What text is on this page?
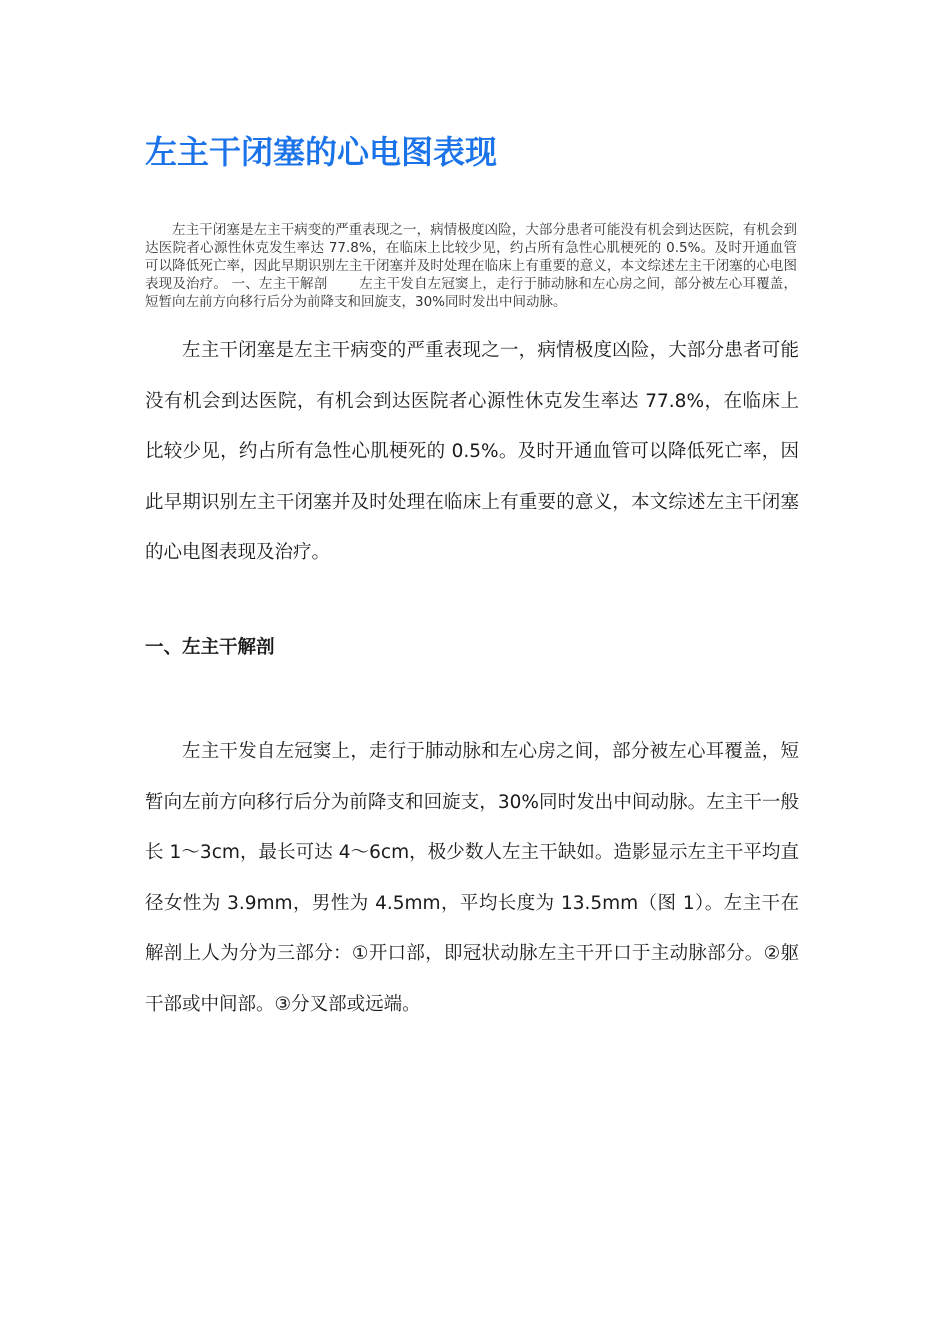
左主干闭塞的心电图表现

左主干闭塞是左主干病变的严重表现之一，病情极度凶险，大部分患者可能没有机会到达医院，有机会到达医院者心源性休克发生率达 77.8%，在临床上比较少见，约占所有急性心肌梗死的 0.5%。及时开通血管可以降低死亡率，因此早期识别左主干闭塞并及时处理在临床上有重要的意义，本文综述左主干闭塞的心电图表现及治疗。 一、左主干解剖　　 左主干发自左冠窦上，走行于肺动脉和左心房之间，部分被左心耳覆盖，短暂向左前方向移行后分为前降支和回旋支，30%同时发出中间动脉。

左主干闭塞是左主干病变的严重表现之一，病情极度凶险，大部分患者可能没有机会到达医院，有机会到达医院者心源性休克发生率达 77.8%，在临床上比较少见，约占所有急性心肌梗死的 0.5%。及时开通血管可以降低死亡率，因此早期识别左主干闭塞并及时处理在临床上有重要的意义，本文综述左主干闭塞的心电图表现及治疗。

一、左主干解剖

左主干发自左冠窦上，走行于肺动脉和左心房之间，部分被左心耳覆盖，短暂向左前方向移行后分为前降支和回旋支，30%同时发出中间动脉。左主干一般长 1～3cm，最长可达 4～6cm，极少数人左主干缺如。造影显示左主干平均直径女性为 3.9mm，男性为 4.5mm，平均长度为 13.5mm（图 1）。左主干在解剖上人为分为三部分：①开口部，即冠状动脉左主干开口于主动脉部分。②躯干部或中间部。③分叉部或远端。
